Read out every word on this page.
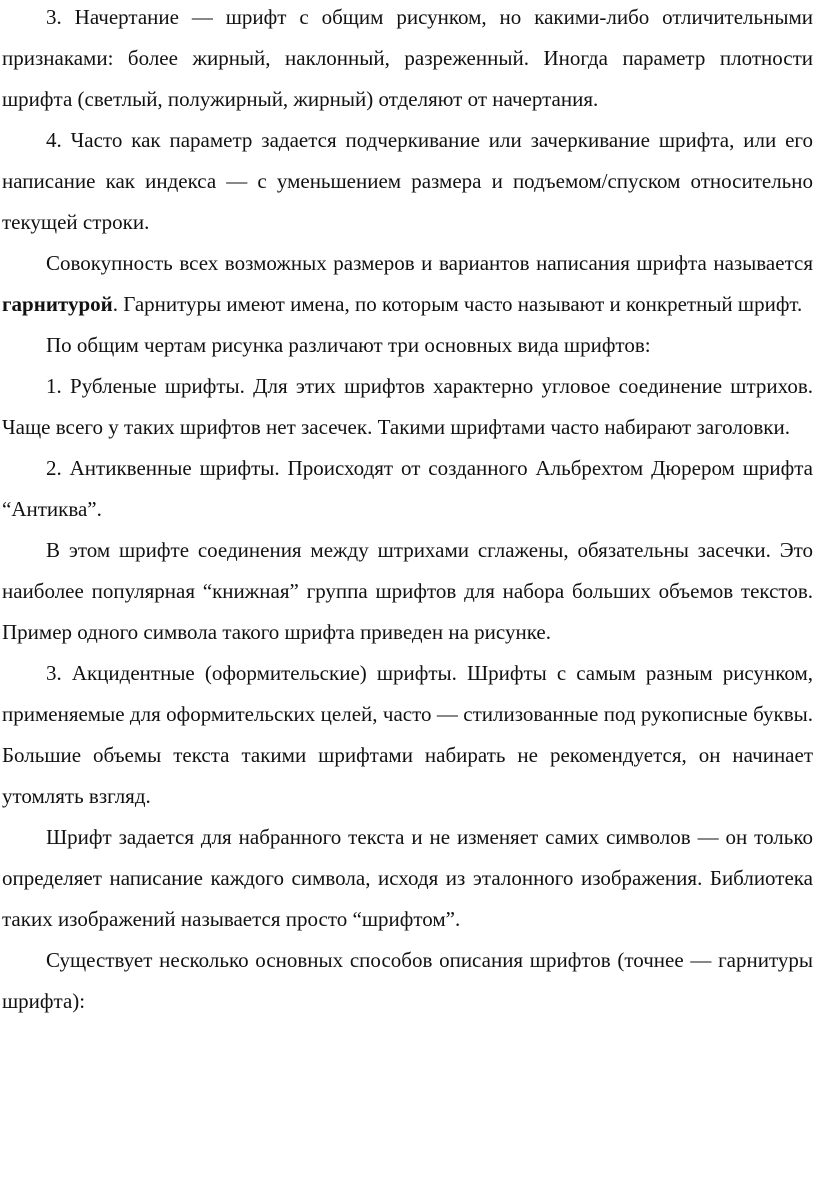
3. Начертание — шрифт с общим рисунком, но какими-либо отличительными признаками: более жирный, наклонный, разреженный. Иногда параметр плотности шрифта (светлый, полужирный, жирный) отделяют от начертания.

4. Часто как параметр задается подчеркивание или зачеркивание шрифта, или его написание как индекса — с уменьшением размера и подъемом/спуском относительно текущей строки.

Совокупность всех возможных размеров и вариантов написания шрифта называется гарнитурой. Гарнитуры имеют имена, по которым часто называют и конкретный шрифт.

По общим чертам рисунка различают три основных вида шрифтов:

1. Рубленые шрифты. Для этих шрифтов характерно угловое соединение штрихов. Чаще всего у таких шрифтов нет засечек. Такими шрифтами часто набирают заголовки.

2. Антиквенные шрифты. Происходят от созданного Альбрехтом Дюрером шрифта “Антиква”.

В этом шрифте соединения между штрихами сглажены, обязательны засечки. Это наиболее популярная “книжная” группа шрифтов для набора больших объемов текстов. Пример одного символа такого шрифта приведен на рисунке.

3. Акцидентные (оформительские) шрифты. Шрифты с самым разным рисунком, применяемые для оформительских целей, часто — стилизованные под рукописные буквы. Большие объемы текста такими шрифтами набирать не рекомендуется, он начинает утомлять взгляд.

Шрифт задается для набранного текста и не изменяет самих символов — он только определяет написание каждого символа, исходя из эталонного изображения. Библиотека таких изображений называется просто “шрифтом”.

Существует несколько основных способов описания шрифтов (точнее — гарнитуры шрифта):
